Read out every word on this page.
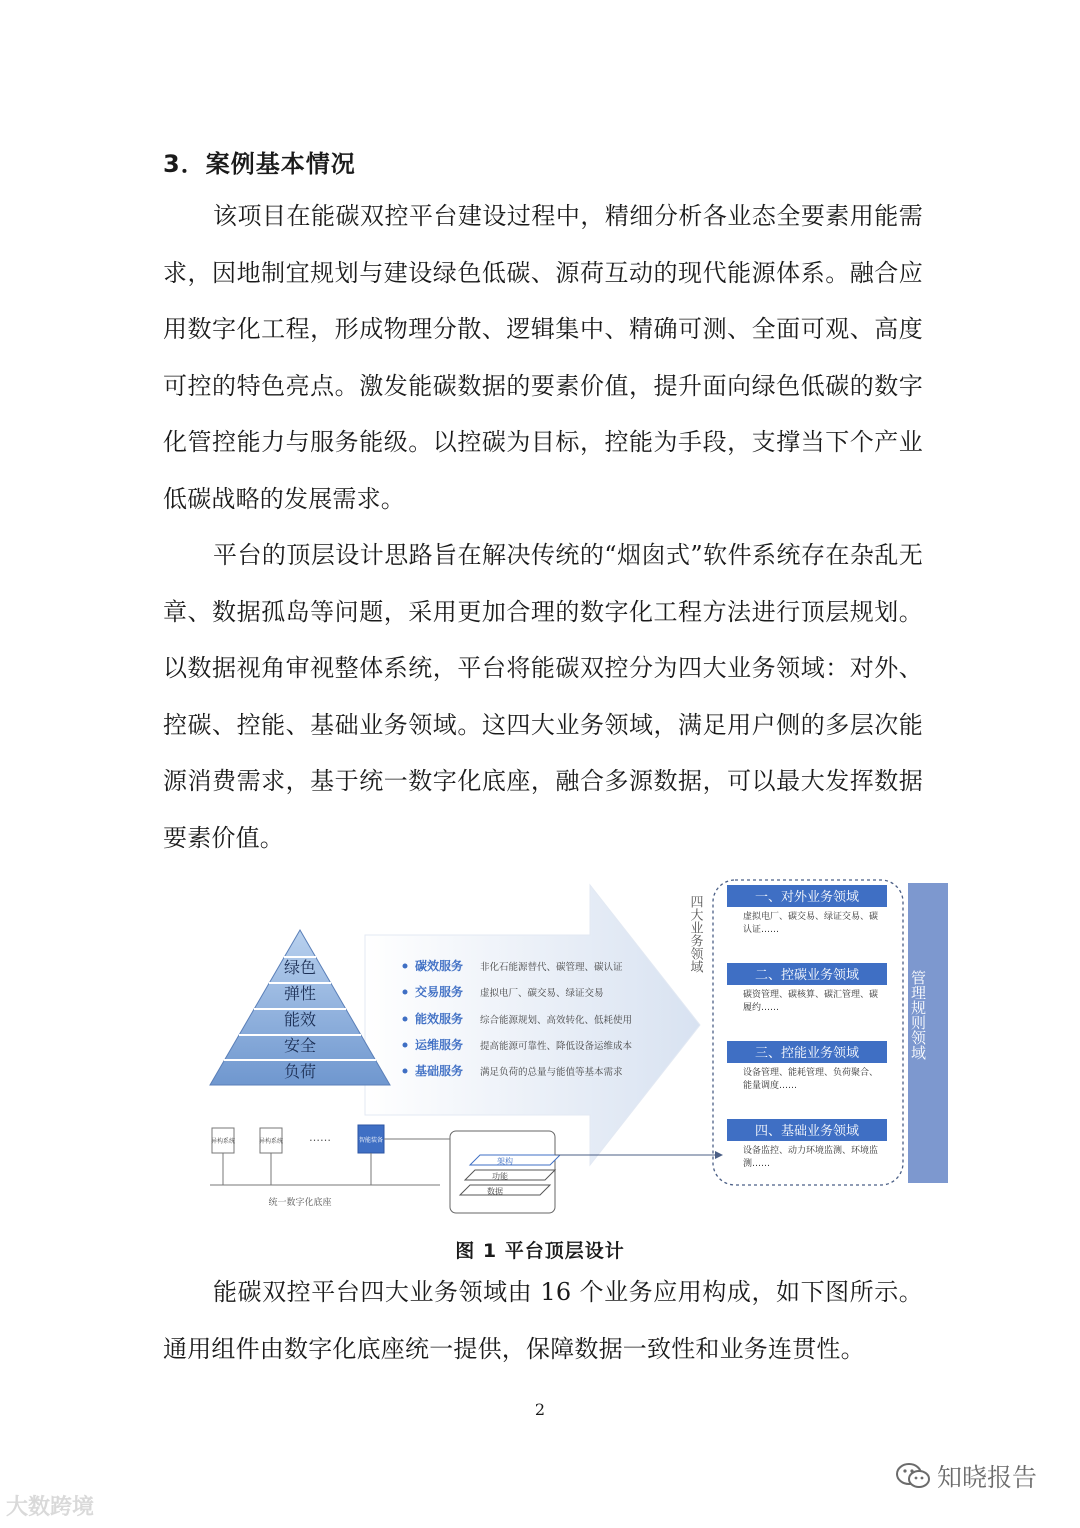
3．案例基本情况
该项目在能碳双控平台建设过程中，精细分析各业态全要素用能需求，因地制宜规划与建设绿色低碳、源荷互动的现代能源体系。融合应用数字化工程，形成物理分散、逻辑集中、精确可测、全面可观、高度可控的特色亮点。激发能碳数据的要素价值，提升面向绿色低碳的数字化管控能力与服务能级。以控碳为目标，控能为手段，支撑当下个产业低碳战略的发展需求。
平台的顶层设计思路旨在解决传统的“烟囱式”软件系统存在杂乱无章、数据孤岛等问题，采用更加合理的数字化工程方法进行顶层规划。以数据视角审视整体系统，平台将能碳双控分为四大业务领域：对外、控碳、控能、基础业务领域。这四大业务领域，满足用户侧的多层次能源消费需求，基于统一数字化底座，融合多源数据，可以最大发挥数据要素价值。
绿色
弹性
能效
安全
负荷
碳效服务 非化石能源替代、碳管理、碳认证
交易服务 虚拟电厂、碳交易、绿证交易
能效服务 综合能源规划、高效转化、低耗使用
运维服务 提高能源可靠性、降低设备运维成本
基础服务 满足负荷的总量与能值等基本需求
四大业务领域	一、对外业务领域
虚拟电厂、碳交易、绿证交易、碳认证……
二、控碳业务领域
碳资管理、碳核算、碳汇管理、碳履约……
三、控能业务领域
设备管理、能耗管理、负荷聚合、能量调度……
四、基础业务领域
设备监控、动力环境监测、环境监测……
管理规则领域
异构系统	异构系统 ……	智能装备
统一数字化底座
架构
功能
数据
图 1 平台顶层设计
能碳双控平台四大业务领域由 16 个业务应用构成，如下图所示。通用组件由数字化底座统一提供，保障数据一致性和业务连贯性。
2
大数跨境
知晓报告
